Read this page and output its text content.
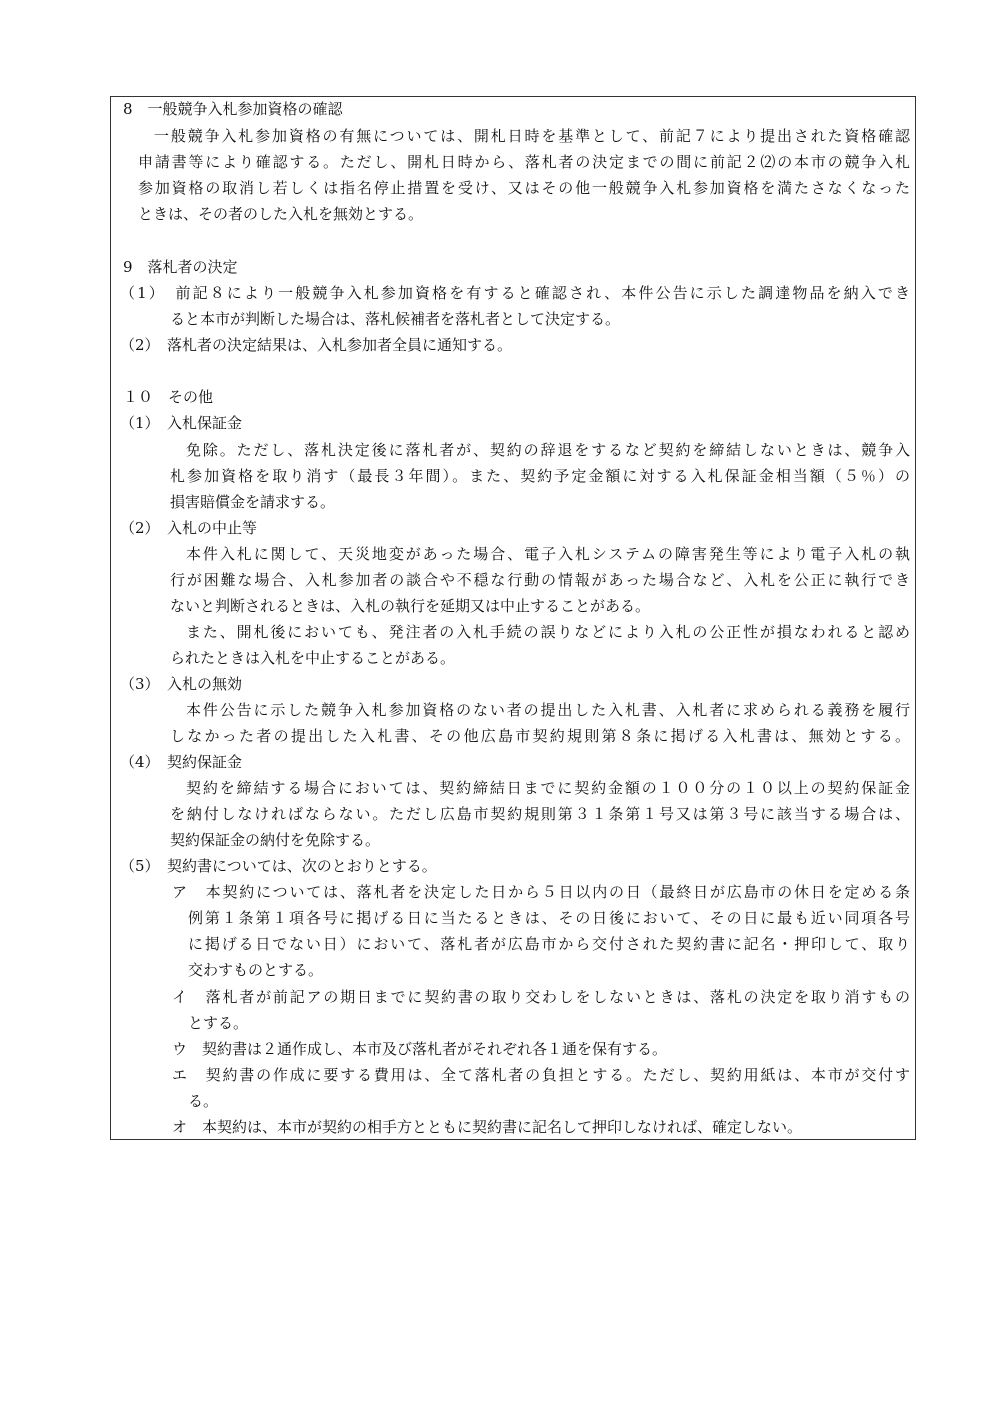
8　一般競争入札参加資格の確認
一般競争入札参加資格の有無については、開札日時を基準として、前記７により提出された資格確認
申請書等により確認する。ただし、開札日時から、落札者の決定までの間に前記２⑵の本市の競争入札
参加資格の取消し若しくは指名停止措置を受け、又はその他一般競争入札参加資格を満たさなくなった
ときは、その者のした入札を無効とする。
9　落札者の決定
（1）　前記８により一般競争入札参加資格を有すると確認され、本件公告に示した調達物品を納入でき
ると本市が判断した場合は、落札候補者を落札者として決定する。
（2）　落札者の決定結果は、入札参加者全員に通知する。
１０　その他
（1）　入札保証金
免除。ただし、落札決定後に落札者が、契約の辞退をするなど契約を締結しないときは、競争入
札参加資格を取り消す（最長３年間）。また、契約予定金額に対する入札保証金相当額（５％）の
損害賠償金を請求する。
（2）　入札の中止等
本件入札に関して、天災地変があった場合、電子入札システムの障害発生等により電子入札の執
行が困難な場合、入札参加者の談合や不穏な行動の情報があった場合など、入札を公正に執行でき
ないと判断されるときは、入札の執行を延期又は中止することがある。
また、開札後においても、発注者の入札手続の誤りなどにより入札の公正性が損なわれると認め
られたときは入札を中止することがある。
（3）　入札の無効
本件公告に示した競争入札参加資格のない者の提出した入札書、入札者に求められる義務を履行
しなかった者の提出した入札書、その他広島市契約規則第８条に掲げる入札書は、無効とする。
（4）　契約保証金
契約を締結する場合においては、契約締結日までに契約金額の１００分の１０以上の契約保証金
を納付しなければならない。ただし広島市契約規則第３１条第１号又は第３号に該当する場合は、
契約保証金の納付を免除する。
（5）　契約書については、次のとおりとする。
ア　本契約については、落札者を決定した日から５日以内の日（最終日が広島市の休日を定める条
例第１条第１項各号に掲げる日に当たるときは、その日後において、その日に最も近い同項各号
に掲げる日でない日）において、落札者が広島市から交付された契約書に記名・押印して、取り
交わすものとする。
イ　落札者が前記アの期日までに契約書の取り交わしをしないときは、落札の決定を取り消すもの
とする。
ウ　契約書は２通作成し、本市及び落札者がそれぞれ各１通を保有する。
エ　契約書の作成に要する費用は、全て落札者の負担とする。ただし、契約用紙は、本市が交付す
る。
オ　本契約は、本市が契約の相手方とともに契約書に記名して押印しなければ、確定しない。
